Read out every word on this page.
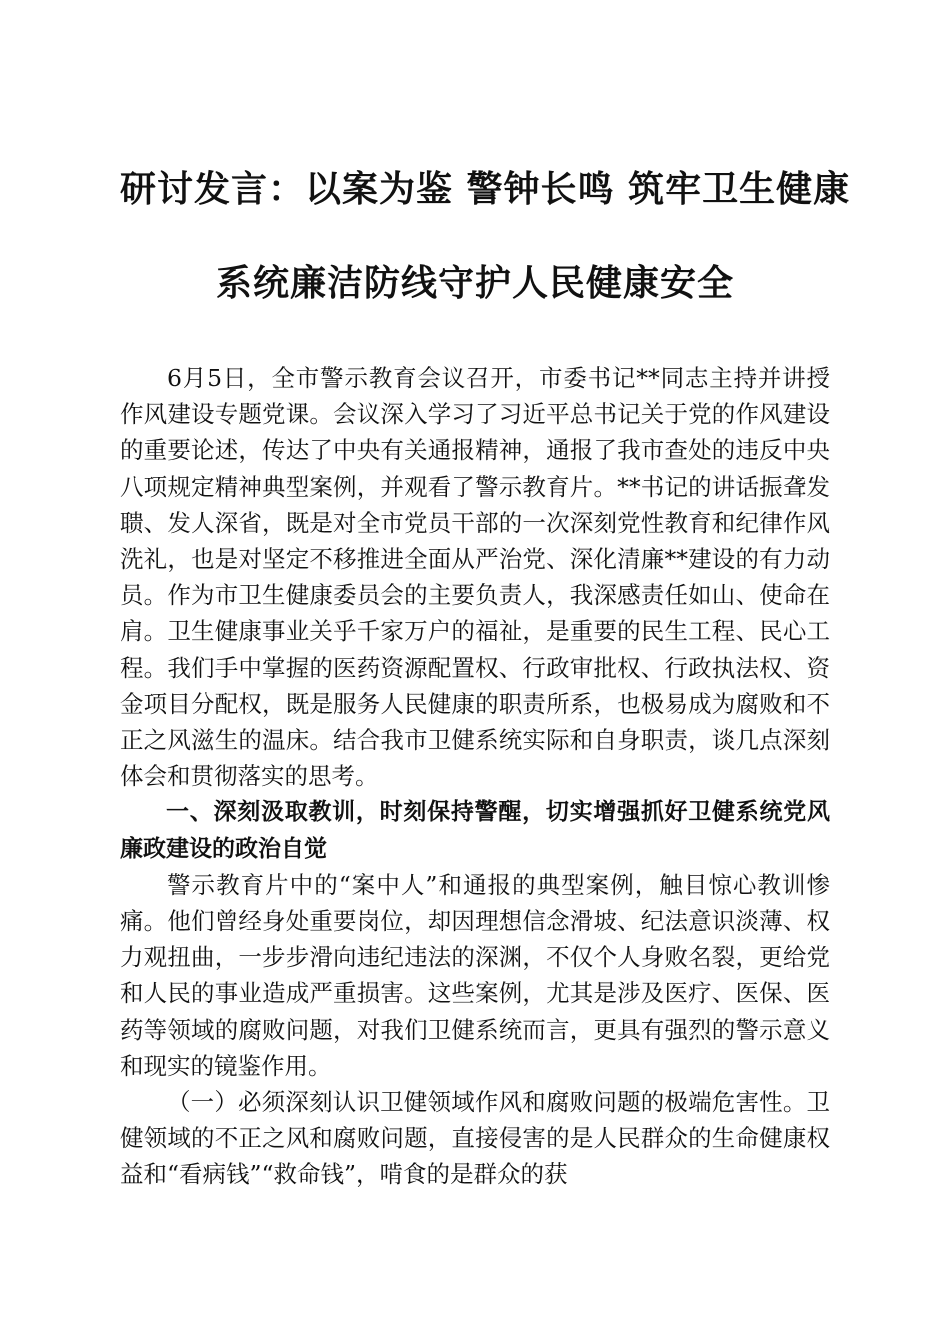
研讨发言：以案为鉴 警钟长鸣 筑牢卫生健康
系统廉洁防线守护人民健康安全

6月5日，全市警示教育会议召开，市委书记**同志主持并讲授作风建设专题党课。会议深入学习了习近平总书记关于党的作风建设的重要论述，传达了中央有关通报精神，通报了我市查处的违反中央八项规定精神典型案例，并观看了警示教育片。**书记的讲话振聋发聩、发人深省，既是对全市党员干部的一次深刻党性教育和纪律作风洗礼，也是对坚定不移推进全面从严治党、深化清廉**建设的有力动员。作为市卫生健康委员会的主要负责人，我深感责任如山、使命在肩。卫生健康事业关乎千家万户的福祉，是重要的民生工程、民心工程。我们手中掌握的医药资源配置权、行政审批权、行政执法权、资金项目分配权，既是服务人民健康的职责所系，也极易成为腐败和不正之风滋生的温床。结合我市卫健系统实际和自身职责，谈几点深刻体会和贯彻落实的思考。

一、深刻汲取教训，时刻保持警醒，切实增强抓好卫健系统党风廉政建设的政治自觉

警示教育片中的“案中人”和通报的典型案例，触目惊心教训惨痛。他们曾经身处重要岗位，却因理想信念滑坡、纪法意识淡薄、权力观扭曲，一步步滑向违纪违法的深渊，不仅个人身败名裂，更给党和人民的事业造成严重损害。这些案例，尤其是涉及医疗、医保、医药等领域的腐败问题，对我们卫健系统而言，更具有强烈的警示意义和现实的镜鉴作用。

（一）必须深刻认识卫健领域作风和腐败问题的极端危害性。卫健领域的不正之风和腐败问题，直接侵害的是人民群众的生命健康权益和“看病钱”“救命钱”，啃食的是群众的获
